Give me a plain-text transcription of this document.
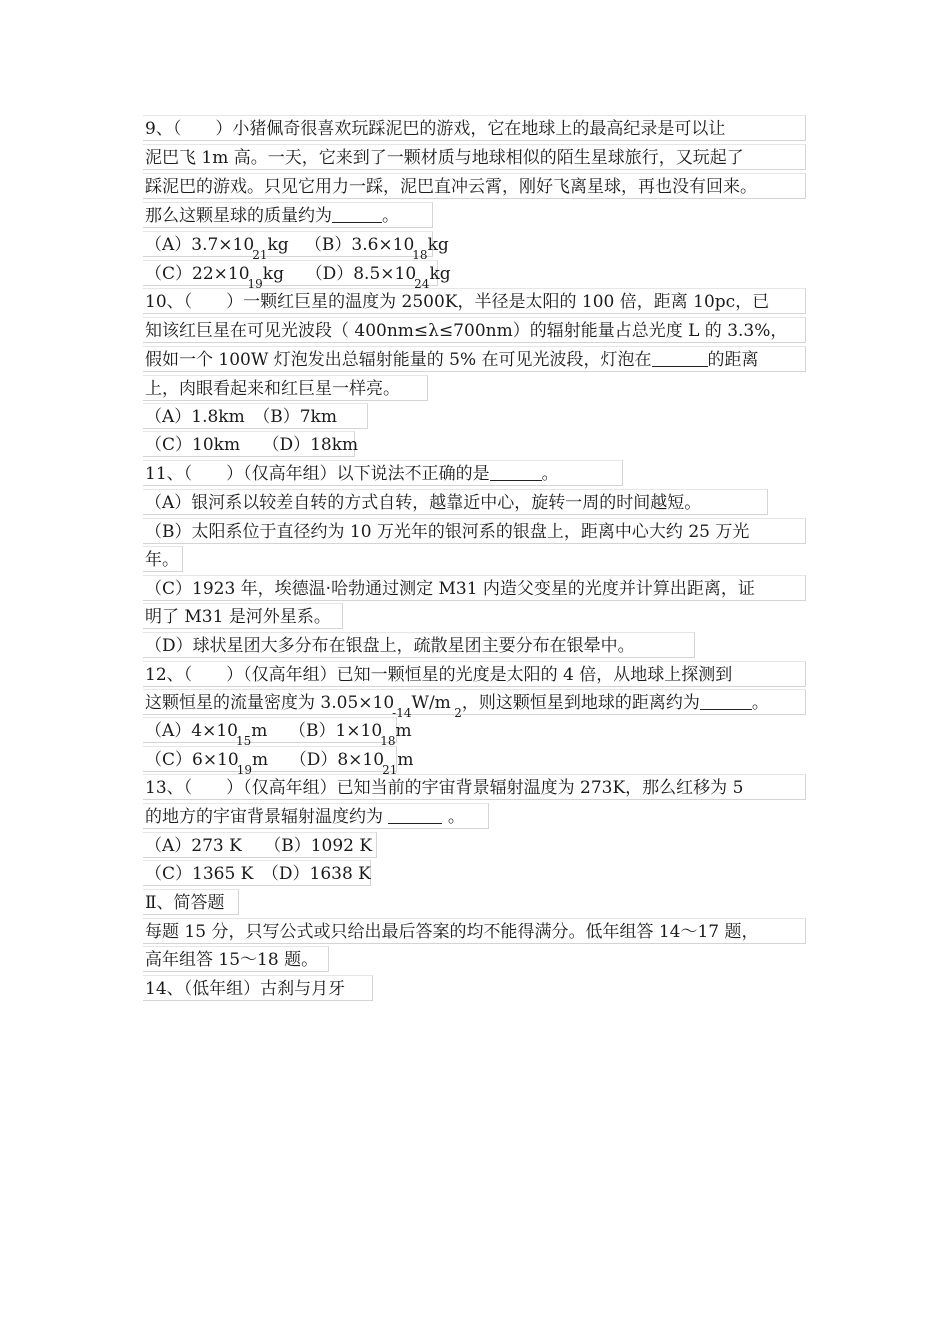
9、（　　）小猪佩奇很喜欢玩踩泥巴的游戏，它在地球上的最高纪录是可以让
泥巴飞 1m 高。一天，它来到了一颗材质与地球相似的陌生星球旅行，又玩起了
踩泥巴的游戏。只见它用力一踩，泥巴直冲云霄，刚好飞离星球，再也没有回来。
那么这颗星球的质量约为	。
$(A)3.7\times 10_{21}kg$ $(B)3.6\times 10_{18}kg$
$(C)22\times 10_{19}kg$ $(D)8.5\times 10_{24}kg$
10、（　　）一颗红巨星的温度为 2500K，半径是太阳的 100 倍，距离 10pc，已
知该红巨星在可见光波段（ 400nm≤λ≤700nm）的辐射能量占总光度 L 的 3.3%，
假如一个 100W 灯泡发出总辐射能量的 5% 在可见光波段，灯泡在	的距离
上，肉眼看起来和红巨星一样亮。
（A）1.8km　（B）7km
（C）10km　 （D）18km
11、（　　）（仅高年组）以下说法不正确的是	。
（A）银河系以较差自转的方式自转，越靠近中心，旋转一周的时间越短。
（B）太阳系位于直径约为 10 万光年的银河系的银盘上，距离中心大约 25 万光
年。
（C）1923 年，埃德温·哈勃通过测定 M31 内造父变星的光度并计算出距离，证
明了 M31 是河外星系。
（D）球状星团大多分布在银盘上，疏散星团主要分布在银晕中。
12、（　　）（仅高年组）已知一颗恒星的光度是太阳的 4 倍，从地球上探测到
这颗恒星的流量密度为 $3.05\times 10_{-14}W/m$ $_2$，则这颗恒星到地球的距离约为	。
$(A)4\times 10_{15}m$ $(B)1\times 10_{18}m$
$(C)6\times 10_{19}m$ $(D)8\times 10_{21}m$
13、（　　）（仅高年组）已知当前的宇宙背景辐射温度为 273K，那么红移为 5
的地方的宇宙背景辐射温度约为	。
（A）273 K　 （B）1092 K
（C）1365 K　（D）1638 K
Ⅱ、简答题
每题 15 分，只写公式或只给出最后答案的均不能得满分。低年组答 14～17 题，
高年组答 15～18 题。
14、（低年组）古刹与月牙
